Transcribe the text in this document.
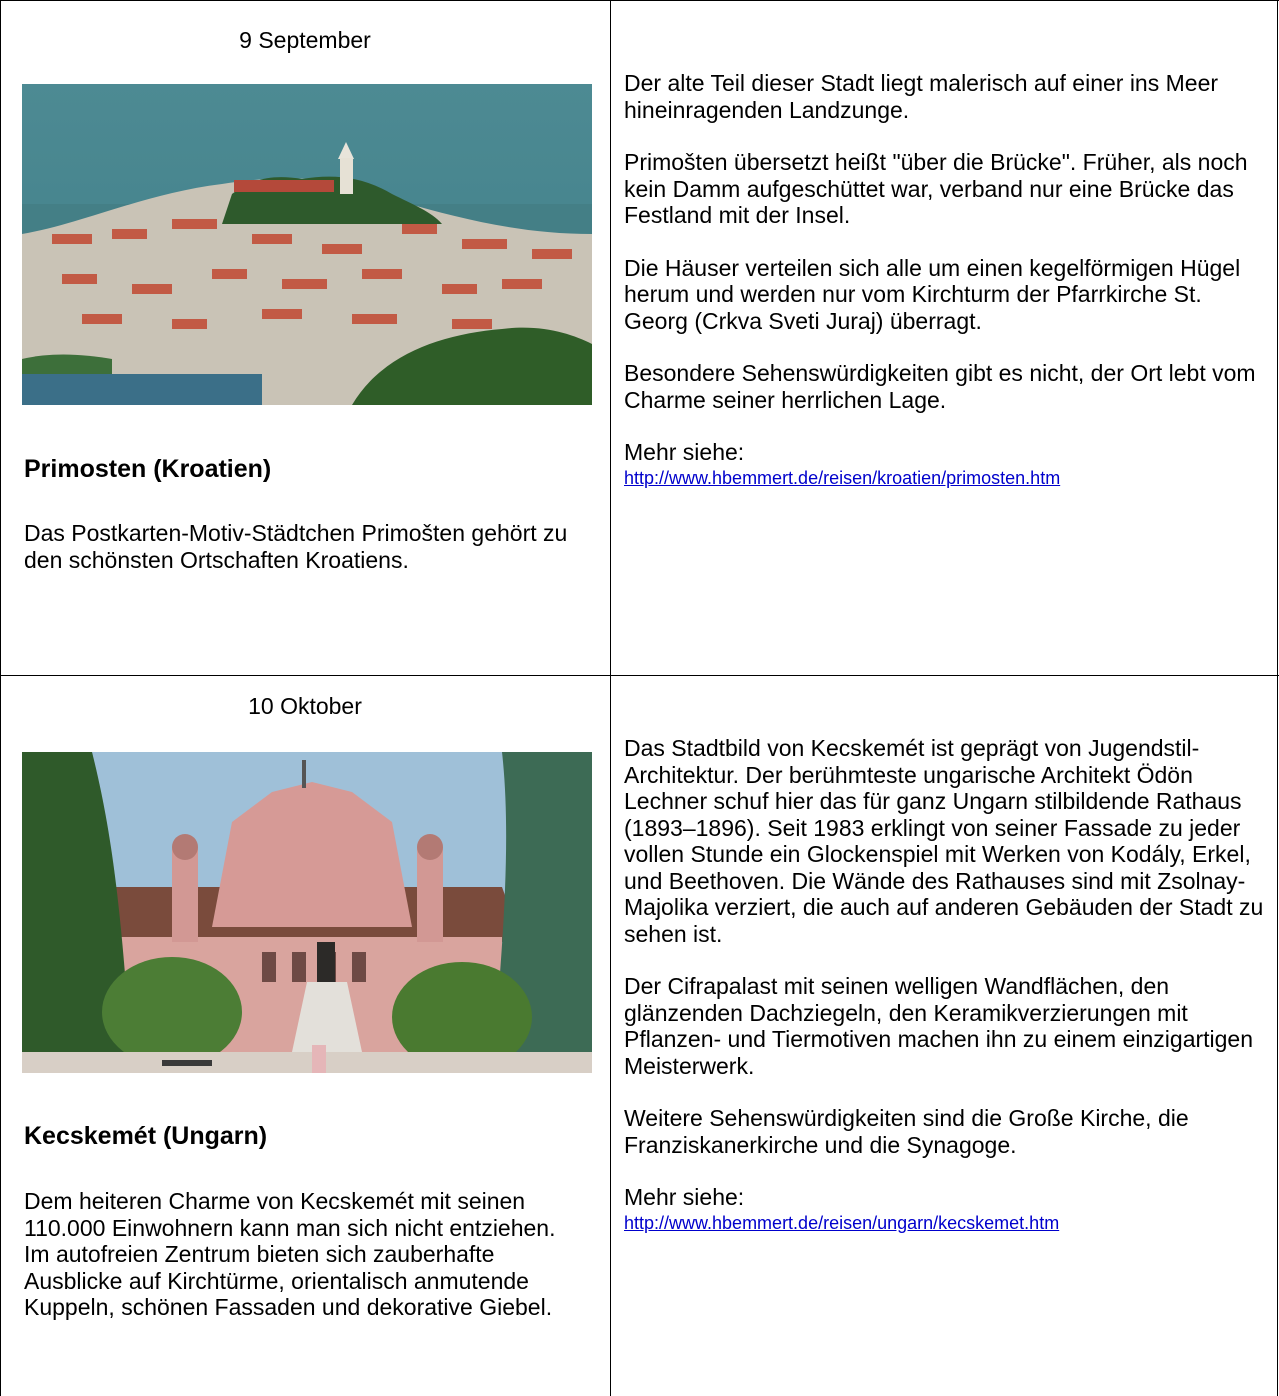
9 September
Primosten (Kroatien)
Das Postkarten-Motiv-Städtchen Primošten gehört zu den schönsten Ortschaften Kroatiens.

Der alte Teil dieser Stadt liegt malerisch auf einer ins Meer hineinragenden Landzunge.

Primošten übersetzt heißt "über die Brücke". Früher, als noch kein Damm aufgeschüttet war, verband nur eine Brücke das Festland mit der Insel.

Die Häuser verteilen sich alle um einen kegelförmigen Hügel herum und werden nur vom Kirchturm der Pfarrkirche St. Georg (Crkva Sveti Juraj) überragt.

Besondere Sehenswürdigkeiten gibt es nicht, der Ort lebt vom Charme seiner herrlichen Lage.

Mehr siehe:
http://www.hbemmert.de/reisen/kroatien/primosten.htm
10 Oktober
Kecskemét (Ungarn)
Dem heiteren Charme von Kecskemét mit seinen 110.000 Einwohnern kann man sich nicht entziehen. Im autofreien Zentrum bieten sich zauberhafte Ausblicke auf Kirchtürme, orientalisch anmutende Kuppeln, schönen Fassaden und dekorative Giebel.

Das Stadtbild von Kecskemét ist geprägt von Jugendstil-Architektur. Der berühmteste ungarische Architekt Ödön Lechner schuf hier das für ganz Ungarn stilbildende Rathaus (1893–1896). Seit 1983 erklingt von seiner Fassade zu jeder vollen Stunde ein Glockenspiel mit Werken von Kodály, Erkel, und Beethoven. Die Wände des Rathauses sind mit Zsolnay-Majolika verziert, die auch auf anderen Gebäuden der Stadt zu sehen ist.

Der Cifrapalast mit seinen welligen Wandflächen, den glänzenden Dachziegeln, den Keramikverzierungen mit Pflanzen- und Tiermotiven machen ihn zu einem einzigartigen Meisterwerk.

Weitere Sehenswürdigkeiten sind die Große Kirche, die Franziskanerkirche und die Synagoge.

Mehr siehe:
http://www.hbemmert.de/reisen/ungarn/kecskemet.htm
